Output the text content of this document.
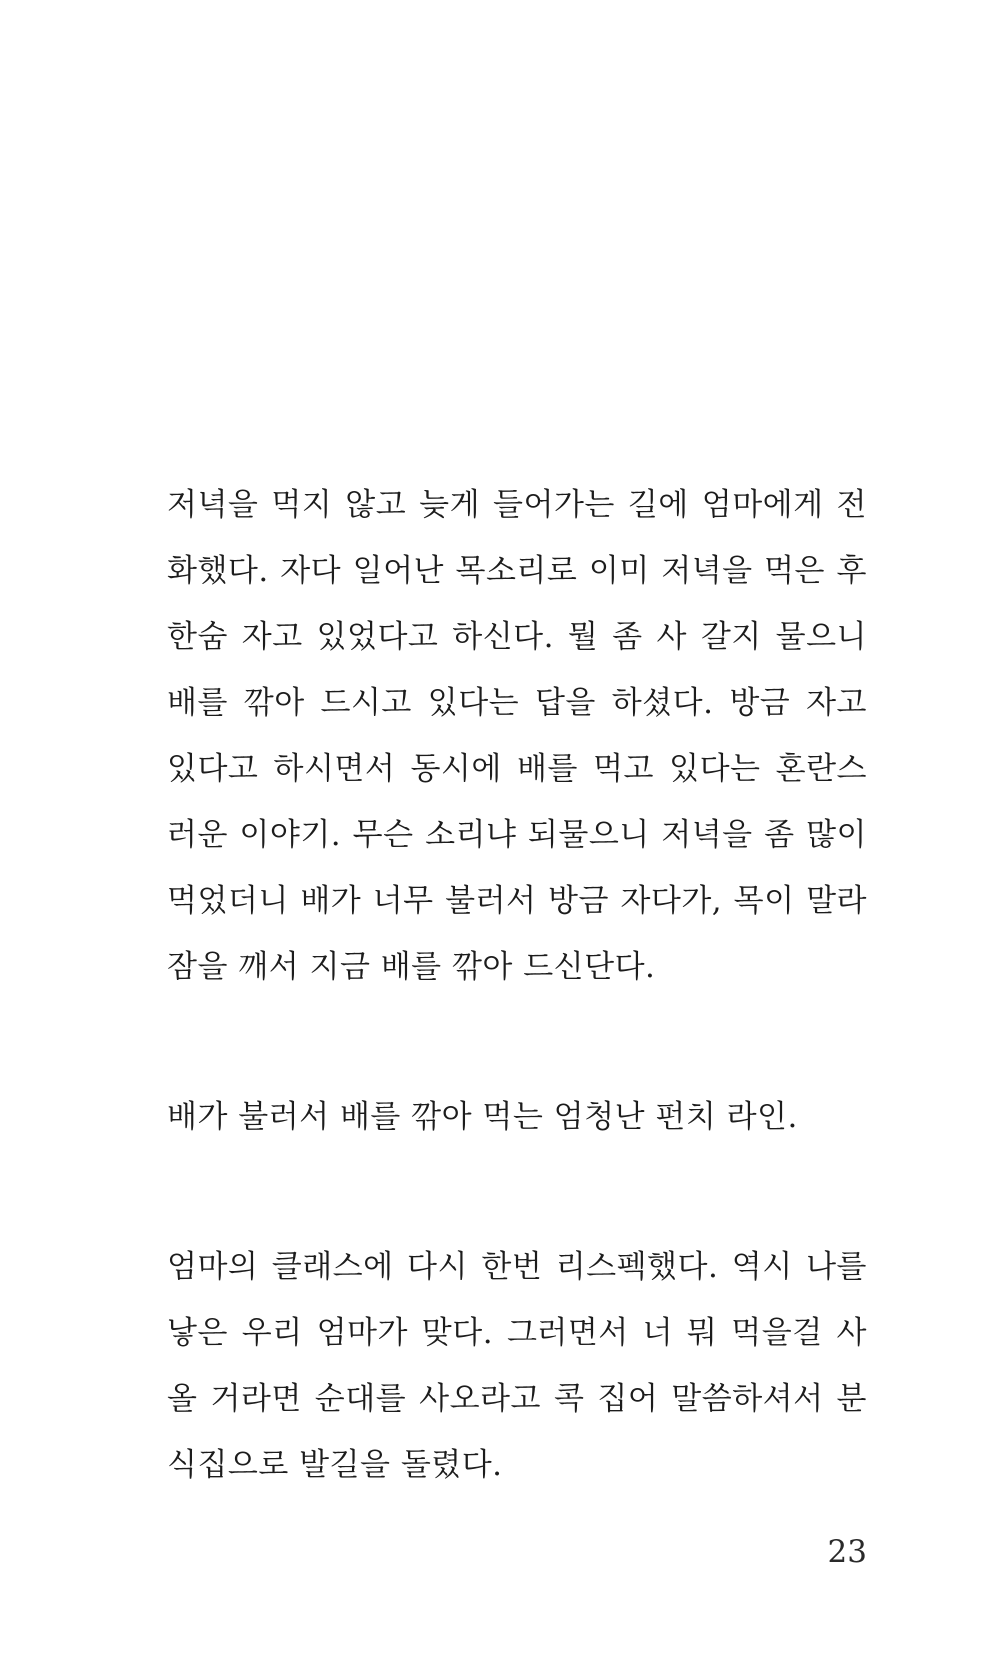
저녁을 먹지 않고 늦게 들어가는 길에 엄마에게 전화했다. 자다 일어난 목소리로 이미 저녁을 먹은 후 한숨 자고 있었다고 하신다. 뭘 좀 사 갈지 물으니 배를 깎아 드시고 있다는 답을 하셨다. 방금 자고 있다고 하시면서 동시에 배를 먹고 있다는 혼란스러운 이야기. 무슨 소리냐 되물으니 저녁을 좀 많이 먹었더니 배가 너무 불러서 방금 자다가, 목이 말라 잠을 깨서 지금 배를 깎아 드신단다.

배가 불러서 배를 깎아 먹는 엄청난 펀치 라인.

엄마의 클래스에 다시 한번 리스펙했다. 역시 나를 낳은 우리 엄마가 맞다. 그러면서 너 뭐 먹을걸 사 올 거라면 순대를 사오라고 콕 집어 말씀하셔서 분식집으로 발길을 돌렸다.

23
